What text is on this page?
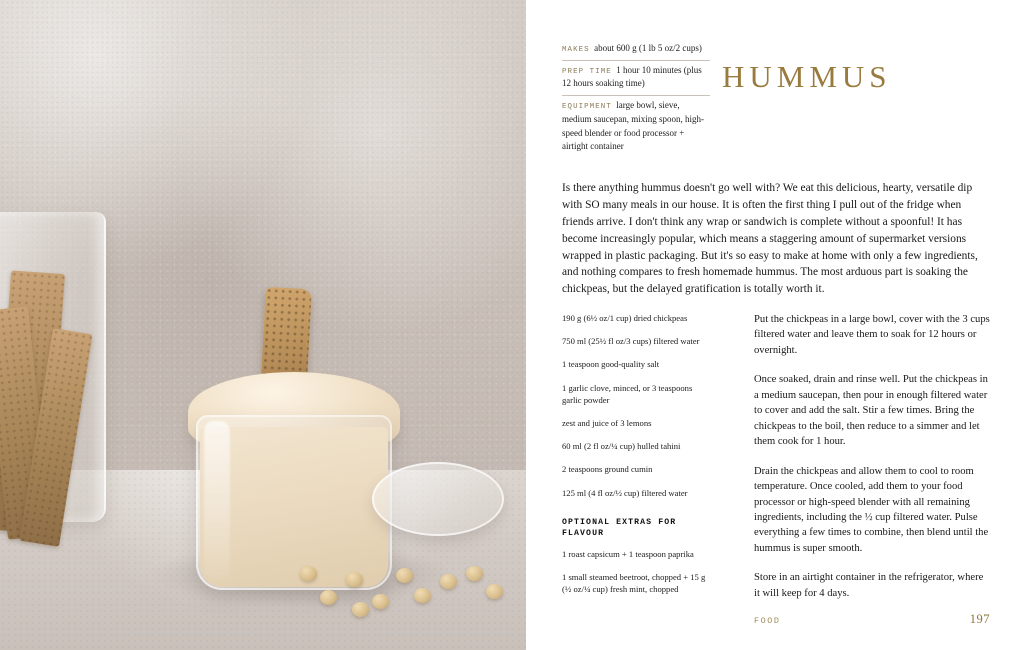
HUMMUS
MAKES about 600 g (1 lb 5 oz/2 cups)
PREP TIME 1 hour 10 minutes (plus 12 hours soaking time)
EQUIPMENT large bowl, sieve, medium saucepan, mixing spoon, high-speed blender or food processor + airtight container
Is there anything hummus doesn't go well with? We eat this delicious, hearty, versatile dip with SO many meals in our house. It is often the first thing I pull out of the fridge when friends arrive. I don't think any wrap or sandwich is complete without a spoonful! It has become increasingly popular, which means a staggering amount of supermarket versions wrapped in plastic packaging. But it's so easy to make at home with only a few ingredients, and nothing compares to fresh homemade hummus. The most arduous part is soaking the chickpeas, but the delayed gratification is totally worth it.
190 g (6½ oz/1 cup) dried chickpeas
750 ml (25½ fl oz/3 cups) filtered water
1 teaspoon good-quality salt
1 garlic clove, minced, or 3 teaspoons garlic powder
zest and juice of 3 lemons
60 ml (2 fl oz/¼ cup) hulled tahini
2 teaspoons ground cumin
125 ml (4 fl oz/½ cup) filtered water
OPTIONAL EXTRAS FOR FLAVOUR
1 roast capsicum + 1 teaspoon paprika
1 small steamed beetroot, chopped + 15 g (½ oz/¼ cup) fresh mint, chopped

Put the chickpeas in a large bowl, cover with the 3 cups filtered water and leave them to soak for 12 hours or overnight.

Once soaked, drain and rinse well. Put the chickpeas in a medium saucepan, then pour in enough filtered water to cover and add the salt. Stir a few times. Bring the chickpeas to the boil, then reduce to a simmer and let them cook for 1 hour.

Drain the chickpeas and allow them to cool to room temperature. Once cooled, add them to your food processor or high-speed blender with all remaining ingredients, including the ½ cup filtered water. Pulse everything a few times to combine, then blend until the hummus is super smooth.

Store in an airtight container in the refrigerator, where it will keep for 4 days.

FOOD	197
